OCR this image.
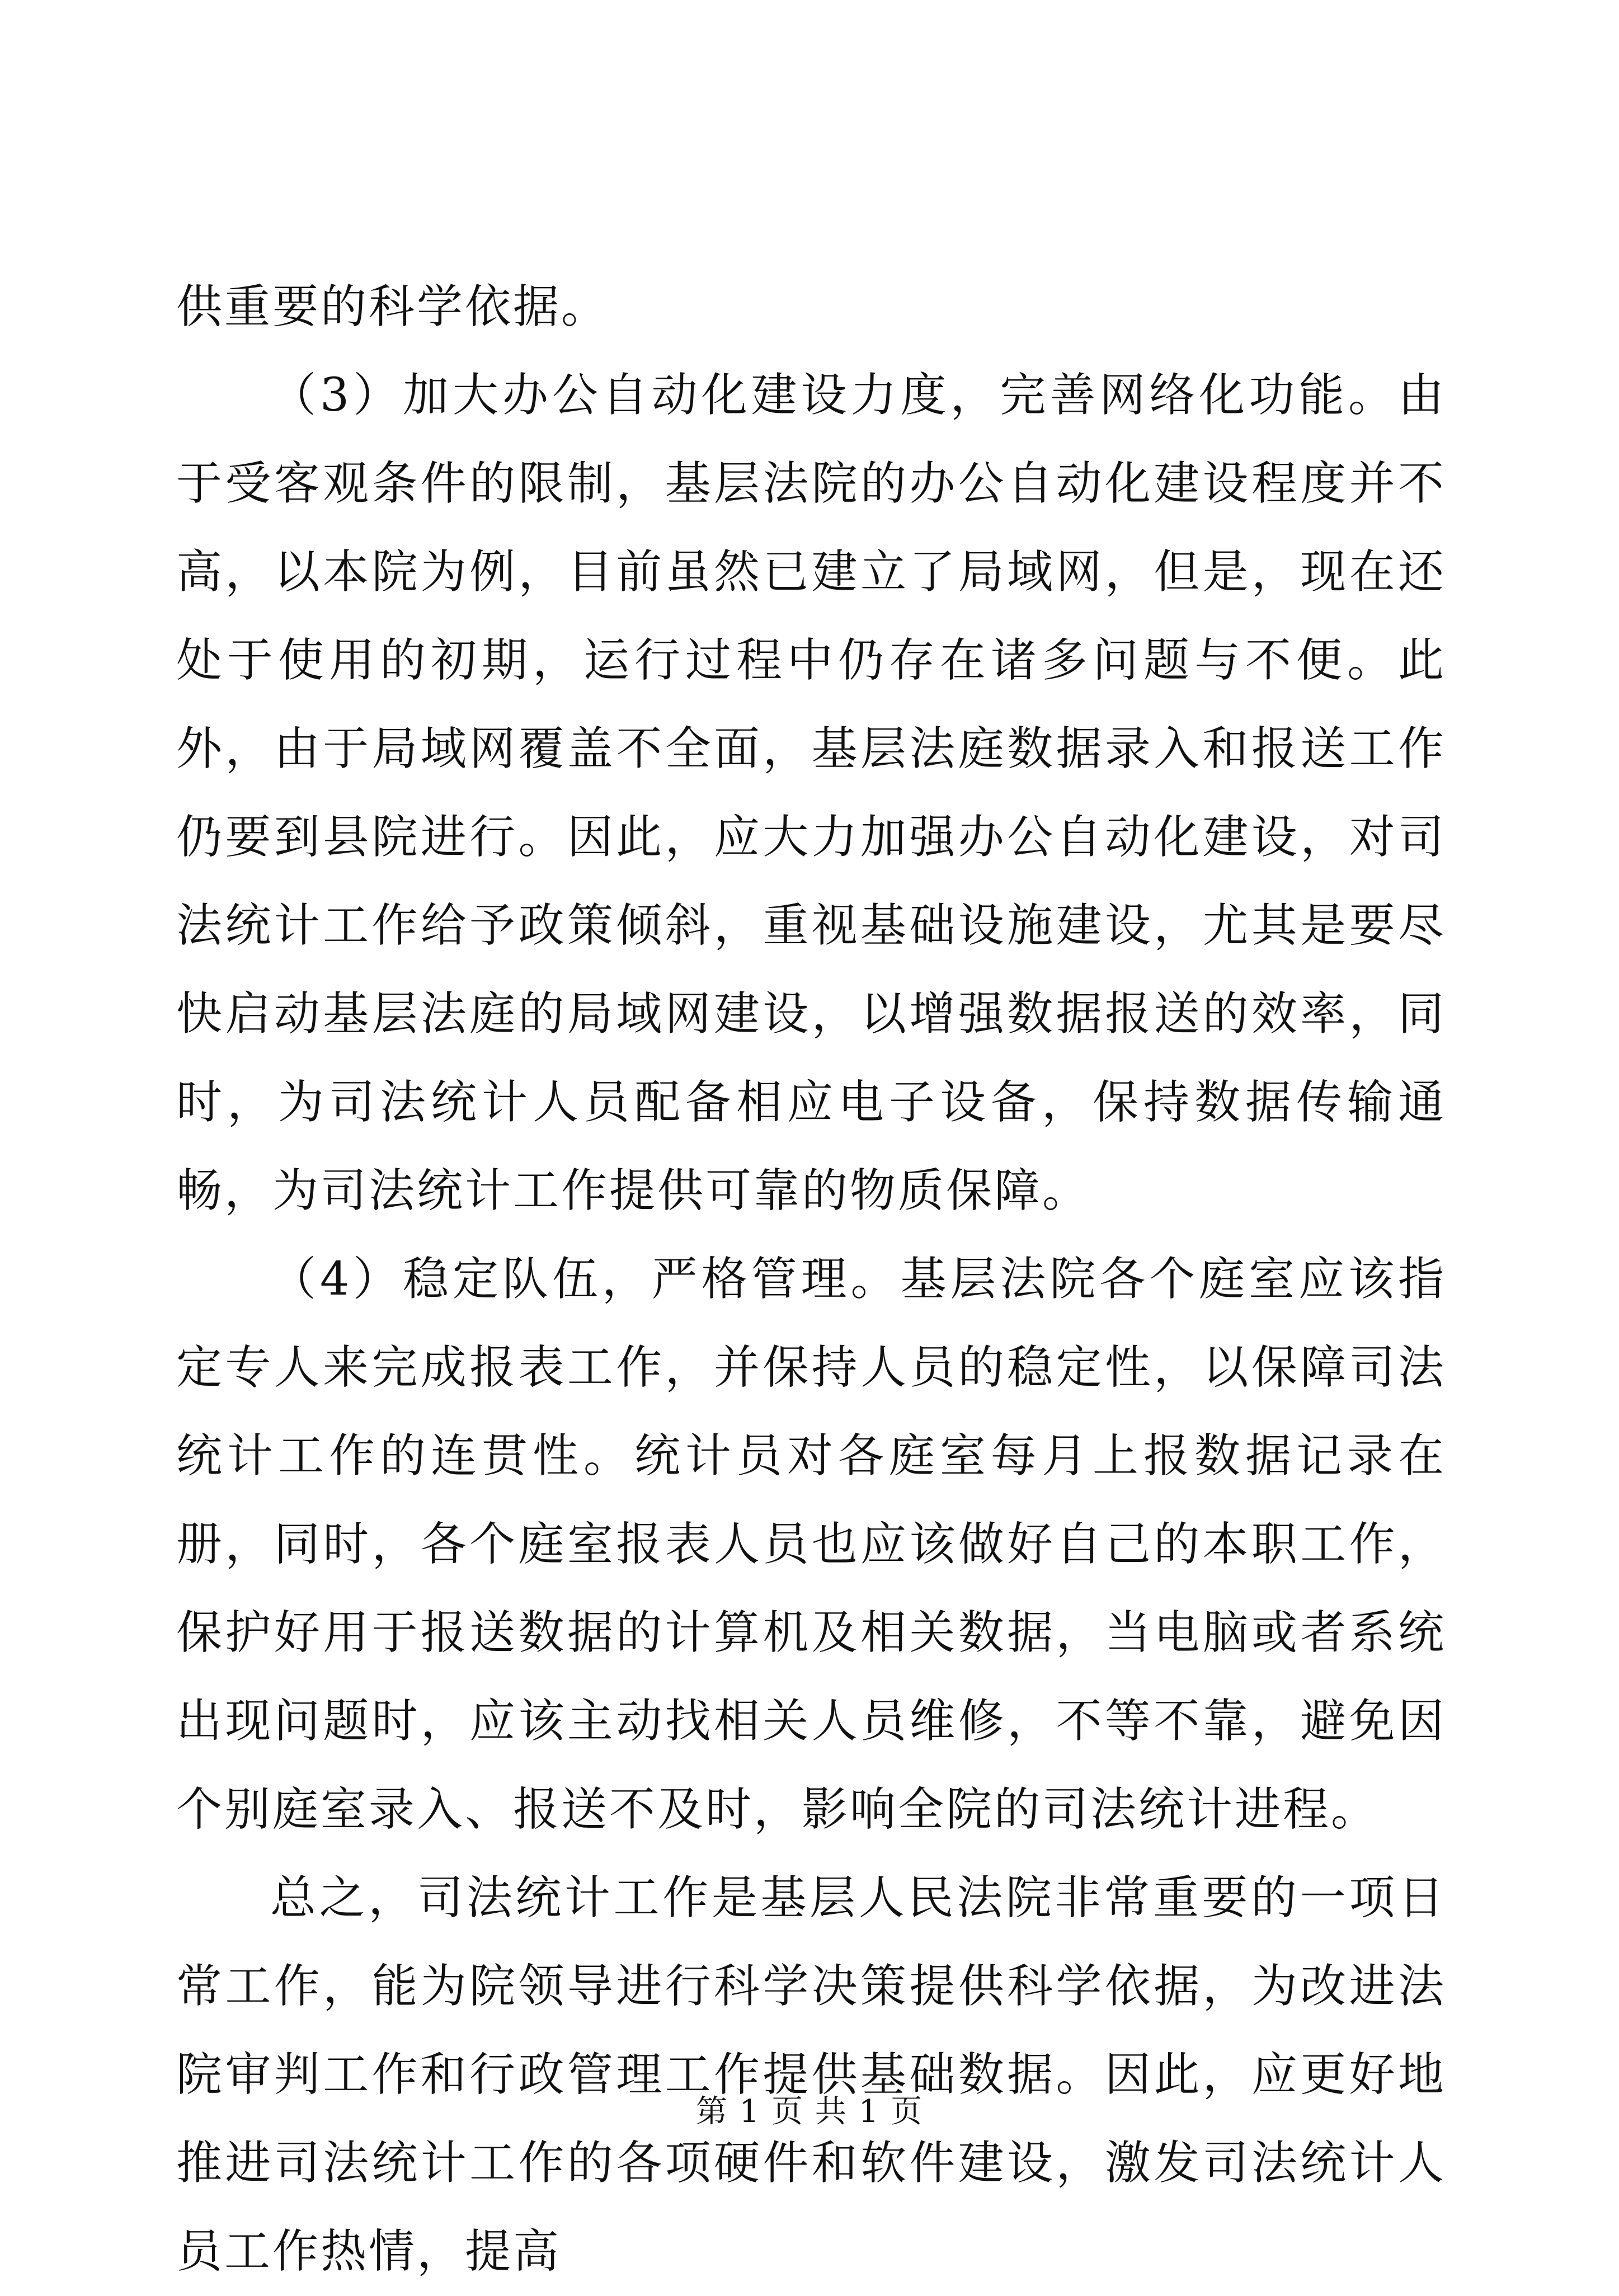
供重要的科学依据。

（3）加大办公自动化建设力度，完善网络化功能。由于受客观条件的限制，基层法院的办公自动化建设程度并不高，以本院为例，目前虽然已建立了局域网，但是，现在还处于使用的初期，运行过程中仍存在诸多问题与不便。此外，由于局域网覆盖不全面，基层法庭数据录入和报送工作仍要到县院进行。因此，应大力加强办公自动化建设，对司法统计工作给予政策倾斜，重视基础设施建设，尤其是要尽快启动基层法庭的局域网建设，以增强数据报送的效率，同时，为司法统计人员配备相应电子设备，保持数据传输通畅，为司法统计工作提供可靠的物质保障。

（4）稳定队伍，严格管理。基层法院各个庭室应该指定专人来完成报表工作，并保持人员的稳定性，以保障司法统计工作的连贯性。统计员对各庭室每月上报数据记录在册，同时，各个庭室报表人员也应该做好自己的本职工作，保护好用于报送数据的计算机及相关数据，当电脑或者系统出现问题时，应该主动找相关人员维修，不等不靠，避免因个别庭室录入、报送不及时，影响全院的司法统计进程。

总之，司法统计工作是基层人民法院非常重要的一项日常工作，能为院领导进行科学决策提供科学依据，为改进法院审判工作和行政管理工作提供基础数据。因此，应更好地推进司法统计工作的各项硬件和软件建设，激发司法统计人员工作热情，提高

第 1 页 共 1 页
